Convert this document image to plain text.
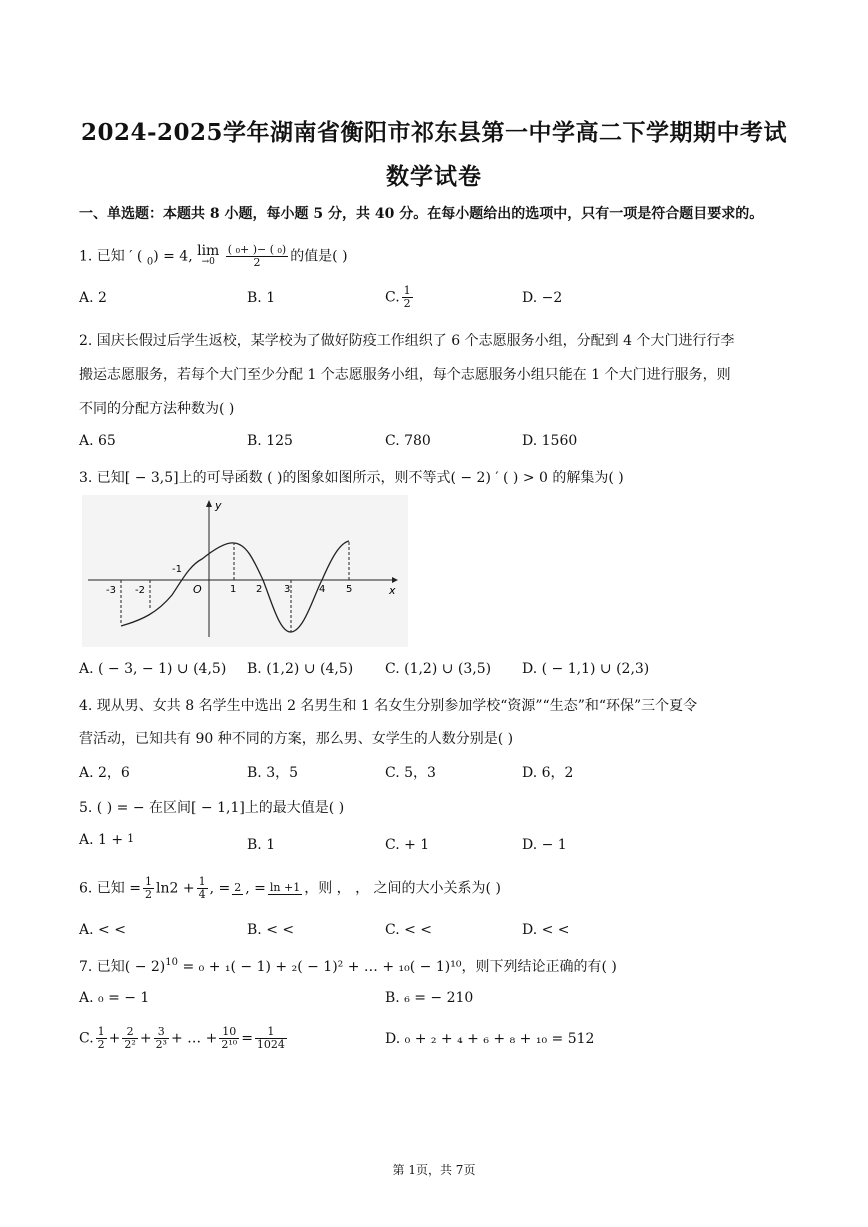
2024-2025学年湖南省衡阳市祁东县第一中学高二下学期期中考试
数学试卷
一、单选题：本题共 8 小题，每小题 5 分，共 40 分。在每小题给出的选项中，只有一项是符合题目要求的。
1. 已知 ′ ( $_0$) = 4, lim
→0
$\frac{\text{( ₀+ )− ( ₀)}}{2}$ 的值是( )
A. 2	B. 1	C. $\frac{1}{2}$	D. −2
2. 国庆长假过后学生返校，某学校为了做好防疫工作组织了 6 个志愿服务小组，分配到 4 个大门进行行李
搬运志愿服务，若每个大门至少分配 1 个志愿服务小组，每个志愿服务小组只能在 1 个大门进行服务，则
不同的分配方法种数为( )
A. 65	B. 125	C. 780	D. 1560
3. 已知[ − 3,5]上的可导函数 ( )的图象如图所示，则不等式( − 2) ′ ( ) > 0 的解集为( )
y
x
O
-3 -2
-1
1 2 3	4 5
A. ( − 3, − 1) ∪ (4,5) B. (1,2) ∪ (4,5) C. (1,2) ∪ (3,5) D. ( − 1,1) ∪ (2,3)
4. 现从男、女共 8 名学生中选出 2 名男生和 1 名女生分别参加学校“资源”“生态”和“环保”三个夏令
营活动，已知共有 90 种不同的方案，那么男、女学生的人数分别是( )
A. 2，6	B. 3，5	C. 5，3	D. 6，2
5. ( ) = − 在区间[ − 1,1]上的最大值是( )
A. 1 + 1	B. 1	C. + 1	D. − 1
6. 已知 = $\frac{1}{2} \ln 2 + \frac{1}{4}$ , = 2 , = ln +1 ，则 ， ， 之间的大小关系为( )
A. < <	B. < <	C. < <	D. < <
7. 已知( − 2)$^{10}$ = ₀ + ₁( − 1) + ₂( − 1)² + … + ₁₀( − 1)¹⁰，则下列结论正确的有( )
A. ₀ = − 1	B. ₆ = − 210
C. $\frac{1}{2} + \frac{2}{\text{2²}} + \frac{3}{\text{2³}}$ + … + $\frac{10}{\text{2¹⁰}} = \frac{1}{1024}$	D. ₀ + ₂ + ₄ + ₆ + ₈ + ₁₀ = 512
第 1页，共 7页
